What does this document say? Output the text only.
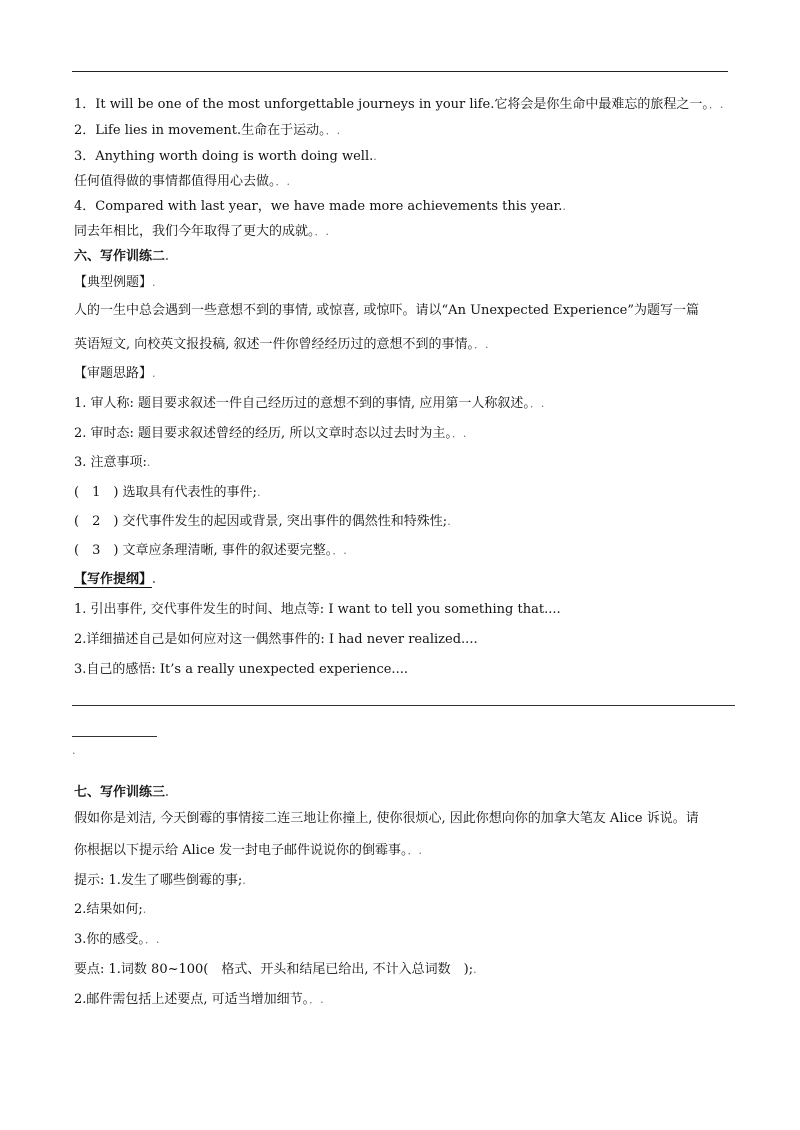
1．It will be one of the most unforgettable journeys in your life.它将会是你生命中最难忘的旅程之一。．.
2．Life lies in movement.生命在于运动。．.
3．Anything worth doing is worth doing well..
任何值得做的事情都值得用心去做。．.
4．Compared with last year，we have made more achievements this year..
同去年相比，我们今年取得了更大的成就。．.
六、写作训练二.
【典型例题】.
人的一生中总会遇到一些意想不到的事情, 或惊喜, 或惊吓。请以“An Unexpected Experience”为题写一篇
英语短文, 向校英文报投稿, 叙述一件你曾经经历过的意想不到的事情。．.
【审题思路】.
1. 审人称: 题目要求叙述一件自己经历过的意想不到的事情, 应用第一人称叙述。．.
2. 审时态: 题目要求叙述曾经的经历, 所以文章时态以过去时为主。．.
3. 注意事项:.
(　1　) 选取具有代表性的事件;.
(　2　) 交代事件发生的起因或背景, 突出事件的偶然性和特殊性;.
(　3　) 文章应条理清晰, 事件的叙述要完整。．.
【写作提纲】.
1. 引出事件, 交代事件发生的时间、地点等: I want to tell you something that....
2.详细描述自己是如何应对这一偶然事件的: I had never realized....
3.自己的感悟: It’s a really unexpected experience....
.
七、写作训练三.
假如你是刘洁, 今天倒霉的事情接二连三地让你撞上, 使你很烦心, 因此你想向你的加拿大笔友 Alice 诉说。请
你根据以下提示给 Alice 发一封电子邮件说说你的倒霉事。．.
提示: 1.发生了哪些倒霉的事;.
2.结果如何;.
3.你的感受。．.
要点: 1.词数 80~100(　格式、开头和结尾已给出, 不计入总词数　);.
2.邮件需包括上述要点, 可适当增加细节。．.
